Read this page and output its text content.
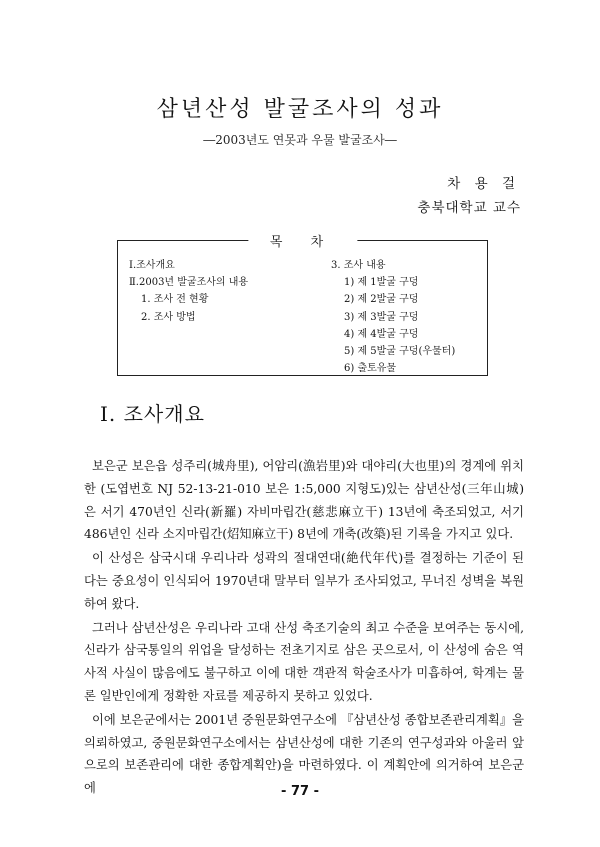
삼년산성 발굴조사의 성과
―2003년도 연못과 우물 발굴조사―
차 용 걸
충북대학교 교수
목 차
Ⅰ.조사개요
Ⅱ.2003년 발굴조사의 내용
1. 조사 전 현황
2. 조사 방법
3. 조사 내용
1) 제 1발굴 구덩
2) 제 2발굴 구덩
3) 제 3발굴 구덩
4) 제 4발굴 구덩
5) 제 5발굴 구덩(우물터)
6) 출토유물
Ⅰ. 조사개요

보은군 보은읍 성주리(城舟里), 어암리(漁岩里)와 대야리(大也里)의 경계에 위치한 (도엽번호 NJ 52-13-21-010 보은 1:5,000 지형도)있는 삼년산성(三年山城)은 서기 470년인 신라(新羅) 자비마립간(慈悲麻立干) 13년에 축조되었고, 서기 486년인 신라 소지마립간(炤知麻立干) 8년에 개축(改築)된 기록을 가지고 있다.

이 산성은 삼국시대 우리나라 성곽의 절대연대(絶代年代)를 결정하는 기준이 된다는 중요성이 인식되어 1970년대 말부터 일부가 조사되었고, 무너진 성벽을 복원하여 왔다.

그러나 삼년산성은 우리나라 고대 산성 축조기술의 최고 수준을 보여주는 동시에, 신라가 삼국통일의 위업을 달성하는 전초기지로 삼은 곳으로서, 이 산성에 숨은 역사적 사실이 많음에도 불구하고 이에 대한 객관적 학술조사가 미흡하여, 학계는 물론 일반인에게 정확한 자료를 제공하지 못하고 있었다.

이에 보은군에서는 2001년 중원문화연구소에 『삼년산성 종합보존관리계획』을 의뢰하였고, 중원문화연구소에서는 삼년산성에 대한 기존의 연구성과와 아울러 앞으로의 보존관리에 대한 종합계획안)을 마련하였다. 이 계획안에 의거하여 보은군에	- 77 -
